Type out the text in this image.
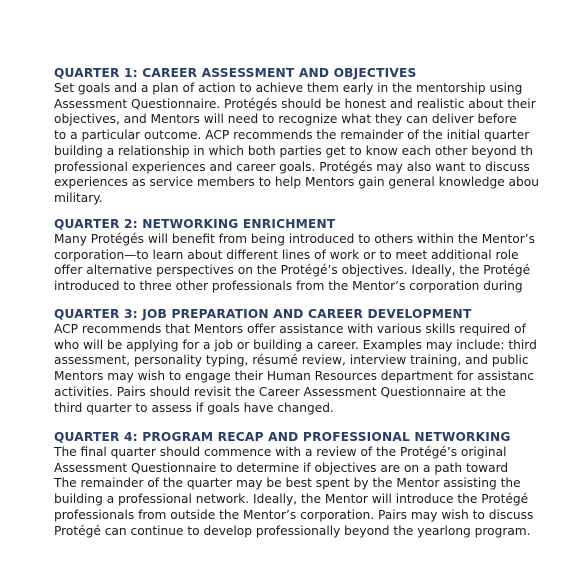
QUARTER 1: CAREER ASSESSMENT AND OBJECTIVES
Set goals and a plan of action to achieve them early in the mentorship using
Assessment Questionnaire. Protégés should be honest and realistic about their
objectives, and Mentors will need to recognize what they can deliver before
to a particular outcome. ACP recommends the remainder of the initial quarter
building a relationship in which both parties get to know each other beyond th
professional experiences and career goals. Protégés may also want to discuss
experiences as service members to help Mentors gain general knowledge abou
military.
QUARTER 2: NETWORKING ENRICHMENT
Many Protégés will benefit from being introduced to others within the Mentor’s
corporation—to learn about different lines of work or to meet additional role
offer alternative perspectives on the Protégé’s objectives. Ideally, the Protégé
introduced to three other professionals from the Mentor’s corporation during
QUARTER 3: JOB PREPARATION AND CAREER DEVELOPMENT
ACP recommends that Mentors offer assistance with various skills required of
who will be applying for a job or building a career. Examples may include: third
assessment, personality typing, résumé review, interview training, and public
Mentors may wish to engage their Human Resources department for assistanc
activities. Pairs should revisit the Career Assessment Questionnaire at the
third quarter to assess if goals have changed.
QUARTER 4: PROGRAM RECAP AND PROFESSIONAL NETWORKING
The final quarter should commence with a review of the Protégé’s original
Assessment Questionnaire to determine if objectives are on a path toward
The remainder of the quarter may be best spent by the Mentor assisting the
building a professional network. Ideally, the Mentor will introduce the Protégé
professionals from outside the Mentor’s corporation. Pairs may wish to discuss
Protégé can continue to develop professionally beyond the yearlong program.
